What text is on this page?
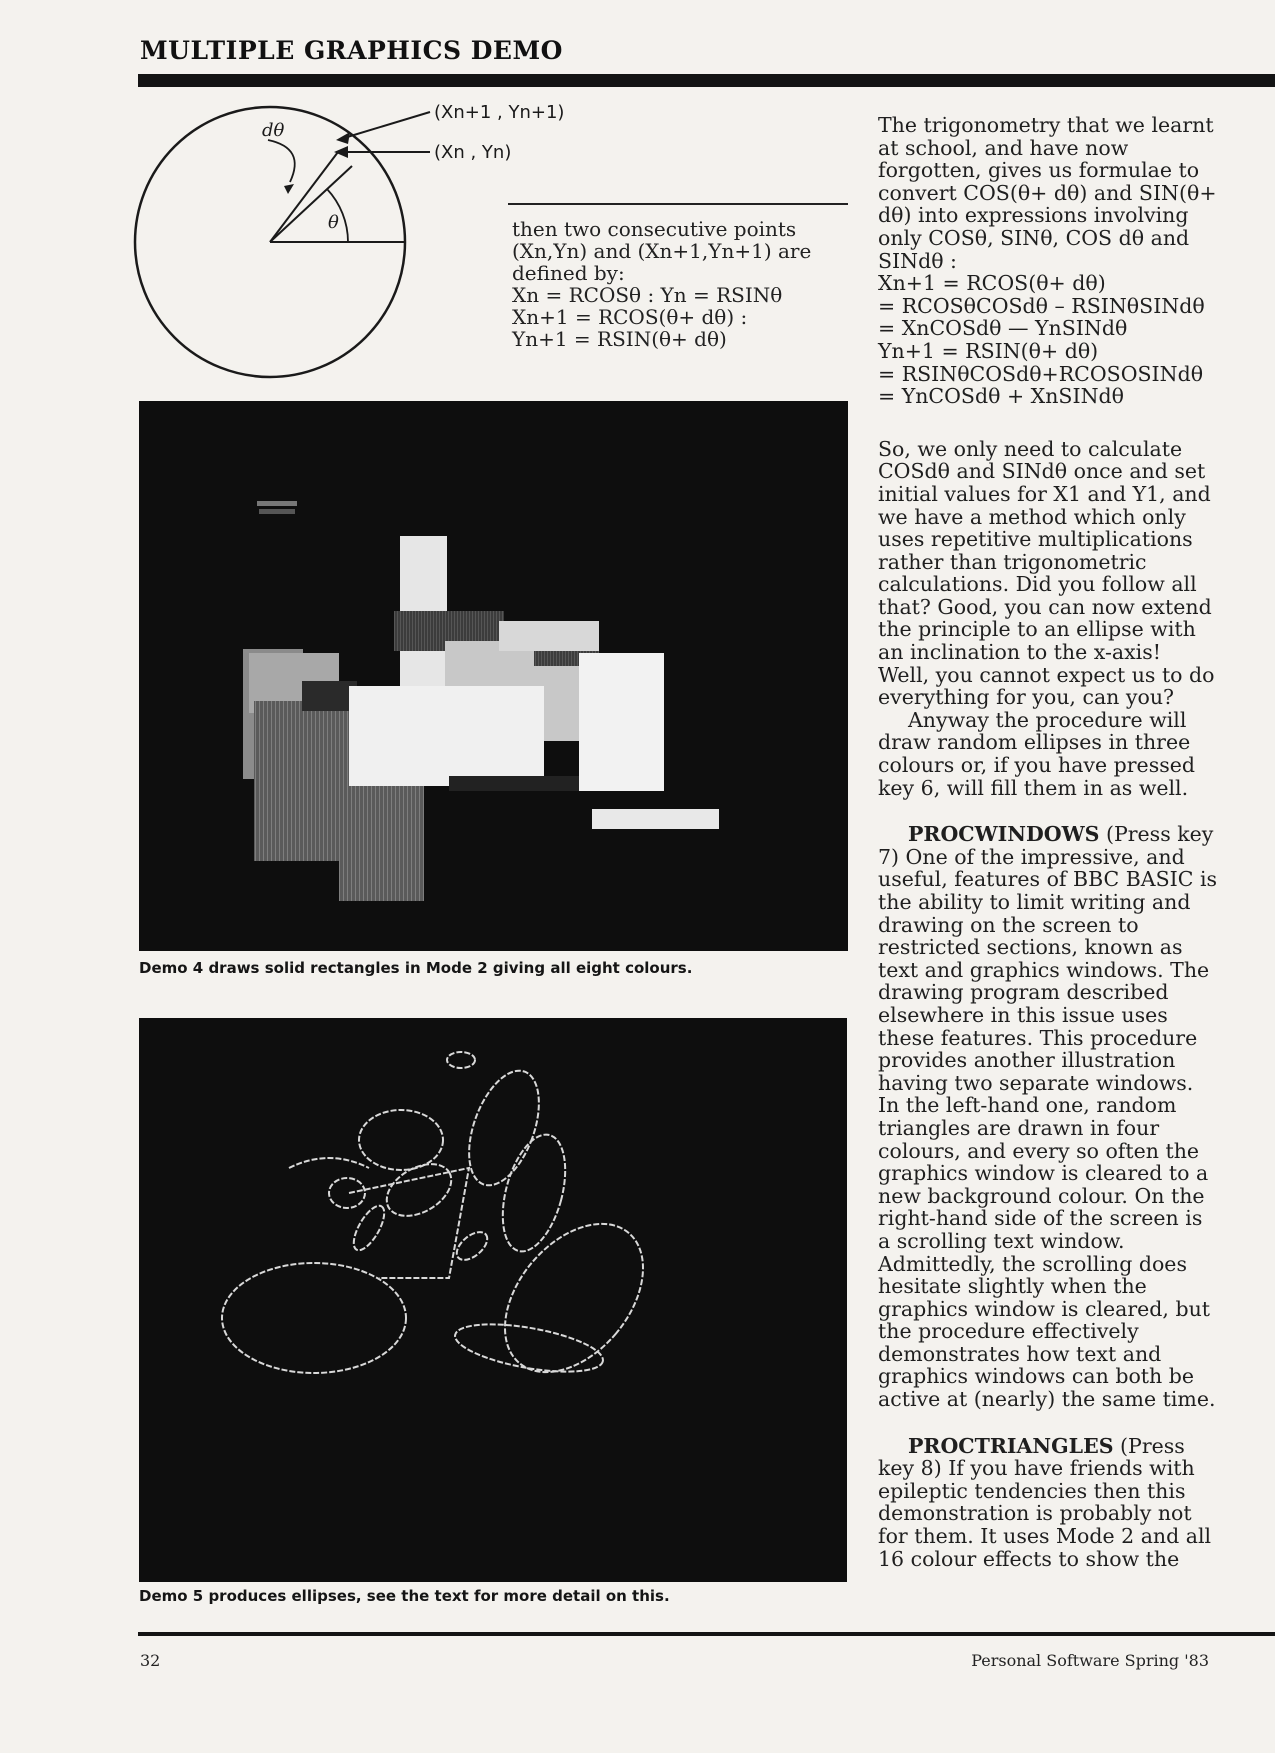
MULTIPLE GRAPHICS DEMO
dθ
θ
(Xn+1 , Yn+1)
(Xn , Yn)
then two consecutive points
(Xn,Yn) and (Xn+1,Yn+1) are
defined by:
Xn = RCOSθ : Yn = RSINθ
Xn+1 = RCOS(θ+ dθ) :
Yn+1 = RSIN(θ+ dθ)
Demo 4 draws solid rectangles in Mode 2 giving all eight colours.
Demo 5 produces ellipses, see the text for more detail on this.

The trigonometry that we learnt at school, and have now forgotten, gives us formulae to convert COS(θ+ dθ) and SIN(θ+ dθ) into expressions involving only COSθ, SINθ, COS dθ and SINdθ :

Xn+1 = RCOS(θ+ dθ)
= RCOSθCOSdθ – RSINθSINdθ
= XnCOSdθ — YnSINdθ
Yn+1 = RSIN(θ+ dθ)
= RSINθCOSdθ+RCOSOSINdθ
= YnCOSdθ + XnSINdθ

So, we only need to calculate COSdθ and SINdθ once and set initial values for X1 and Y1, and we have a method which only uses repetitive multiplications rather than trigonometric calculations. Did you follow all that? Good, you can now extend the principle to an ellipse with an inclination to the x-axis! Well, you cannot expect us to do everything for you, can you?

Anyway the procedure will draw random ellipses in three colours or, if you have pressed key 6, will fill them in as well.

PROCWINDOWS (Press key 7) One of the impressive, and useful, features of BBC BASIC is the ability to limit writing and drawing on the screen to restricted sections, known as text and graphics windows. The drawing program described elsewhere in this issue uses these features. This procedure provides another illustration having two separate windows. In the left-hand one, random triangles are drawn in four colours, and every so often the graphics window is cleared to a new background colour. On the right-hand side of the screen is a scrolling text window. Admittedly, the scrolling does hesitate slightly when the graphics window is cleared, but the procedure effectively demonstrates how text and graphics windows can both be active at (nearly) the same time.

PROCTRIANGLES (Press key 8) If you have friends with epileptic tendencies then this demonstration is probably not for them. It uses Mode 2 and all 16 colour effects to show the

32	Personal Software Spring '83
